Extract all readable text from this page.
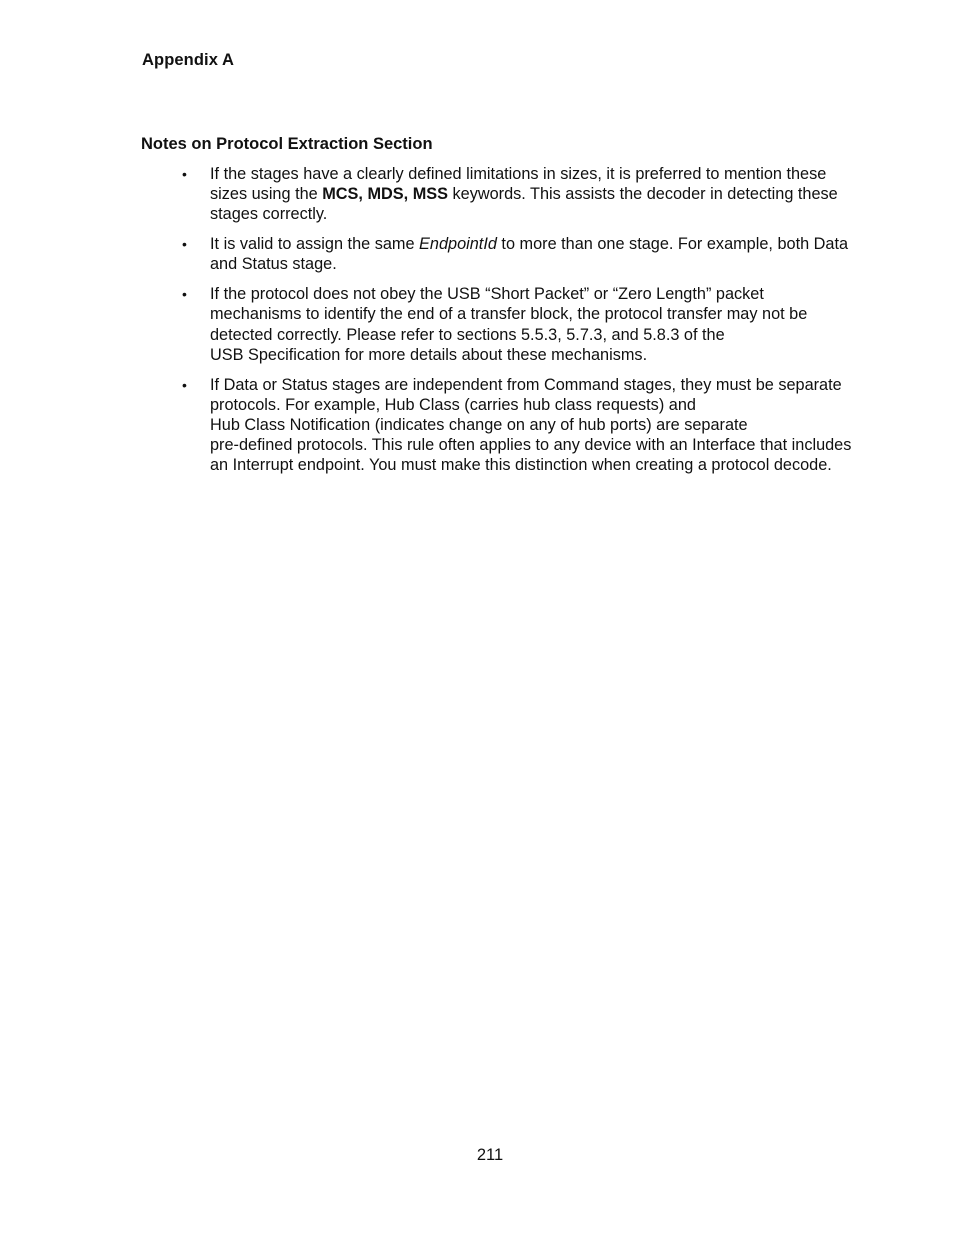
Appendix A
Notes on Protocol Extraction Section
•	If the stages have a clearly defined limitations in sizes, it is preferred to mention these sizes using the MCS, MDS, MSS keywords. This assists the decoder in detecting these stages correctly.
•	It is valid to assign the same EndpointId to more than one stage. For example, both Data and Status stage.
•	If the protocol does not obey the USB “Short Packet” or “Zero Length” packet mechanisms to identify the end of a transfer block, the protocol transfer may not be detected correctly. Please refer to sections 5.5.3, 5.7.3, and 5.8.3 of the
USB Specification for more details about these mechanisms.
•	If Data or Status stages are independent from Command stages, they must be separate protocols. For example, Hub Class (carries hub class requests) and
Hub Class Notification (indicates change on any of hub ports) are separate
pre-defined protocols. This rule often applies to any device with an Interface that includes an Interrupt endpoint. You must make this distinction when creating a protocol decode.
211
